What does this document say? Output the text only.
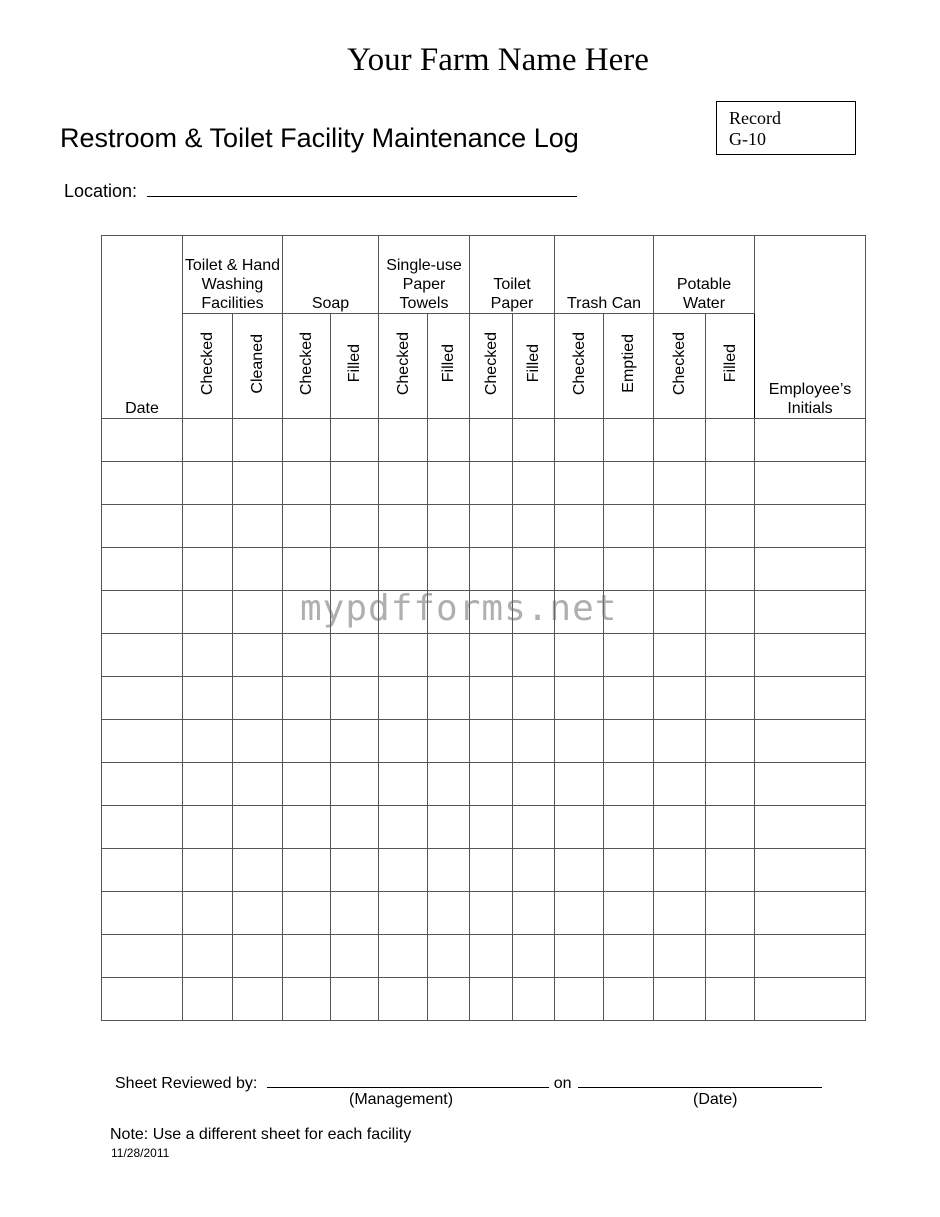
Your Farm Name Here
Record
G-10
Restroom & Toilet Facility Maintenance Log
Location:
Date	Toilet & Hand Washing Facilities		Soap		Single-use Paper Towels		Toilet Paper		Trash Can		Potable Water		Employee’s Initials
	Checked	Cleaned	Checked	Filled	Checked	Filled	Checked	Filled	Checked	Emptied	Checked	Filled	

mypdfforms.net
Sheet Reviewed by:	on
(Management)	(Date)
Note: Use a different sheet for each facility
11/28/2011
